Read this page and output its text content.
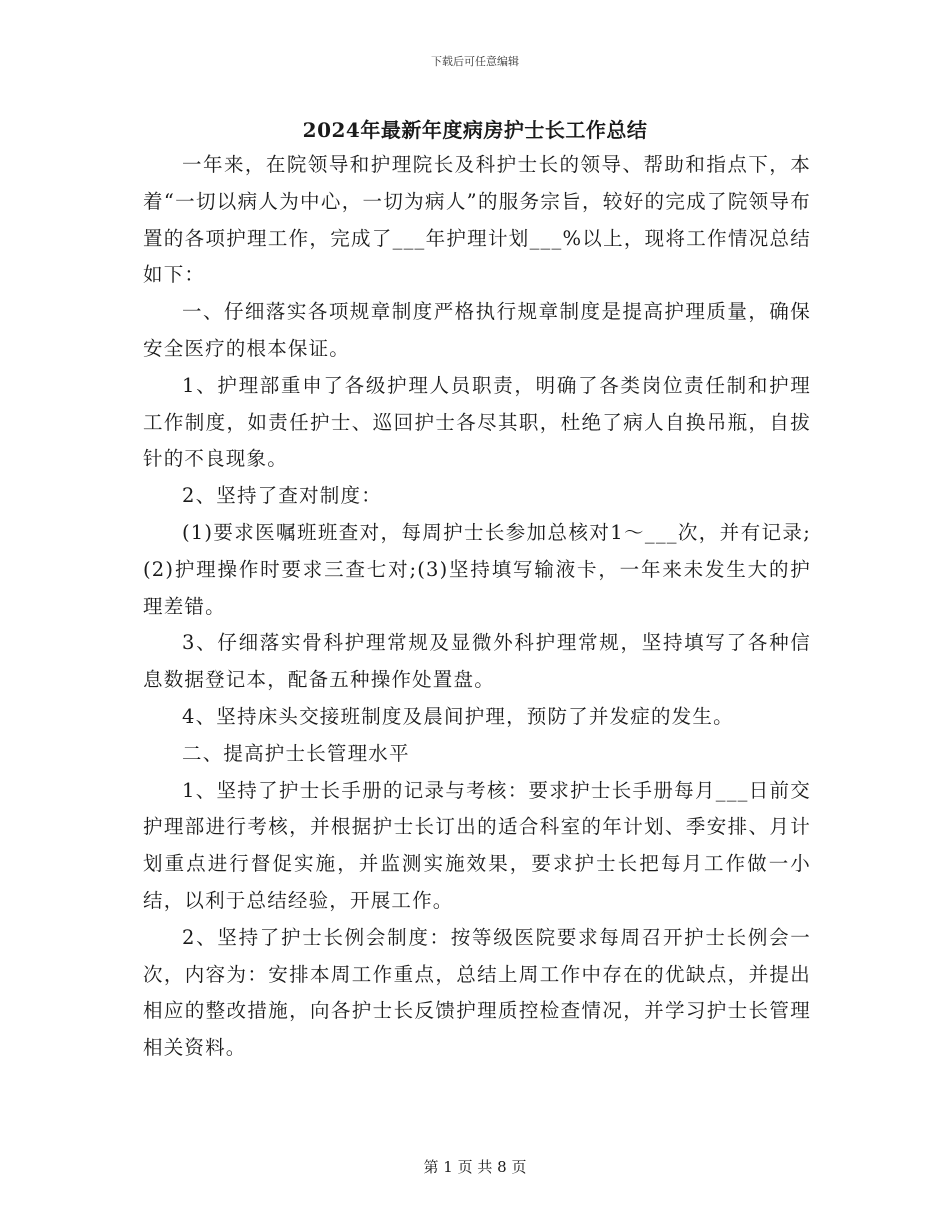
下载后可任意编辑
2024年最新年度病房护士长工作总结

一年来，在院领导和护理院长及科护士长的领导、帮助和指点下，本着“一切以病人为中心，一切为病人”的服务宗旨，较好的完成了院领导布置的各项护理工作，完成了___年护理计划___%以上，现将工作情况总结如下：

一、仔细落实各项规章制度严格执行规章制度是提高护理质量，确保安全医疗的根本保证。

1、护理部重申了各级护理人员职责，明确了各类岗位责任制和护理工作制度，如责任护士、巡回护士各尽其职，杜绝了病人自换吊瓶，自拔针的不良现象。

2、坚持了查对制度：

(1)要求医嘱班班查对，每周护士长参加总核对1～___次，并有记录;(2)护理操作时要求三查七对;(3)坚持填写输液卡，一年来未发生大的护理差错。

3、仔细落实骨科护理常规及显微外科护理常规，坚持填写了各种信息数据登记本，配备五种操作处置盘。

4、坚持床头交接班制度及晨间护理，预防了并发症的发生。

二、提高护士长管理水平

1、坚持了护士长手册的记录与考核：要求护士长手册每月___日前交护理部进行考核，并根据护士长订出的适合科室的年计划、季安排、月计划重点进行督促实施，并监测实施效果，要求护士长把每月工作做一小结，以利于总结经验，开展工作。

2、坚持了护士长例会制度：按等级医院要求每周召开护士长例会一次，内容为：安排本周工作重点，总结上周工作中存在的优缺点，并提出相应的整改措施，向各护士长反馈护理质控检查情况，并学习护士长管理相关资料。

第 1 页 共 8 页
